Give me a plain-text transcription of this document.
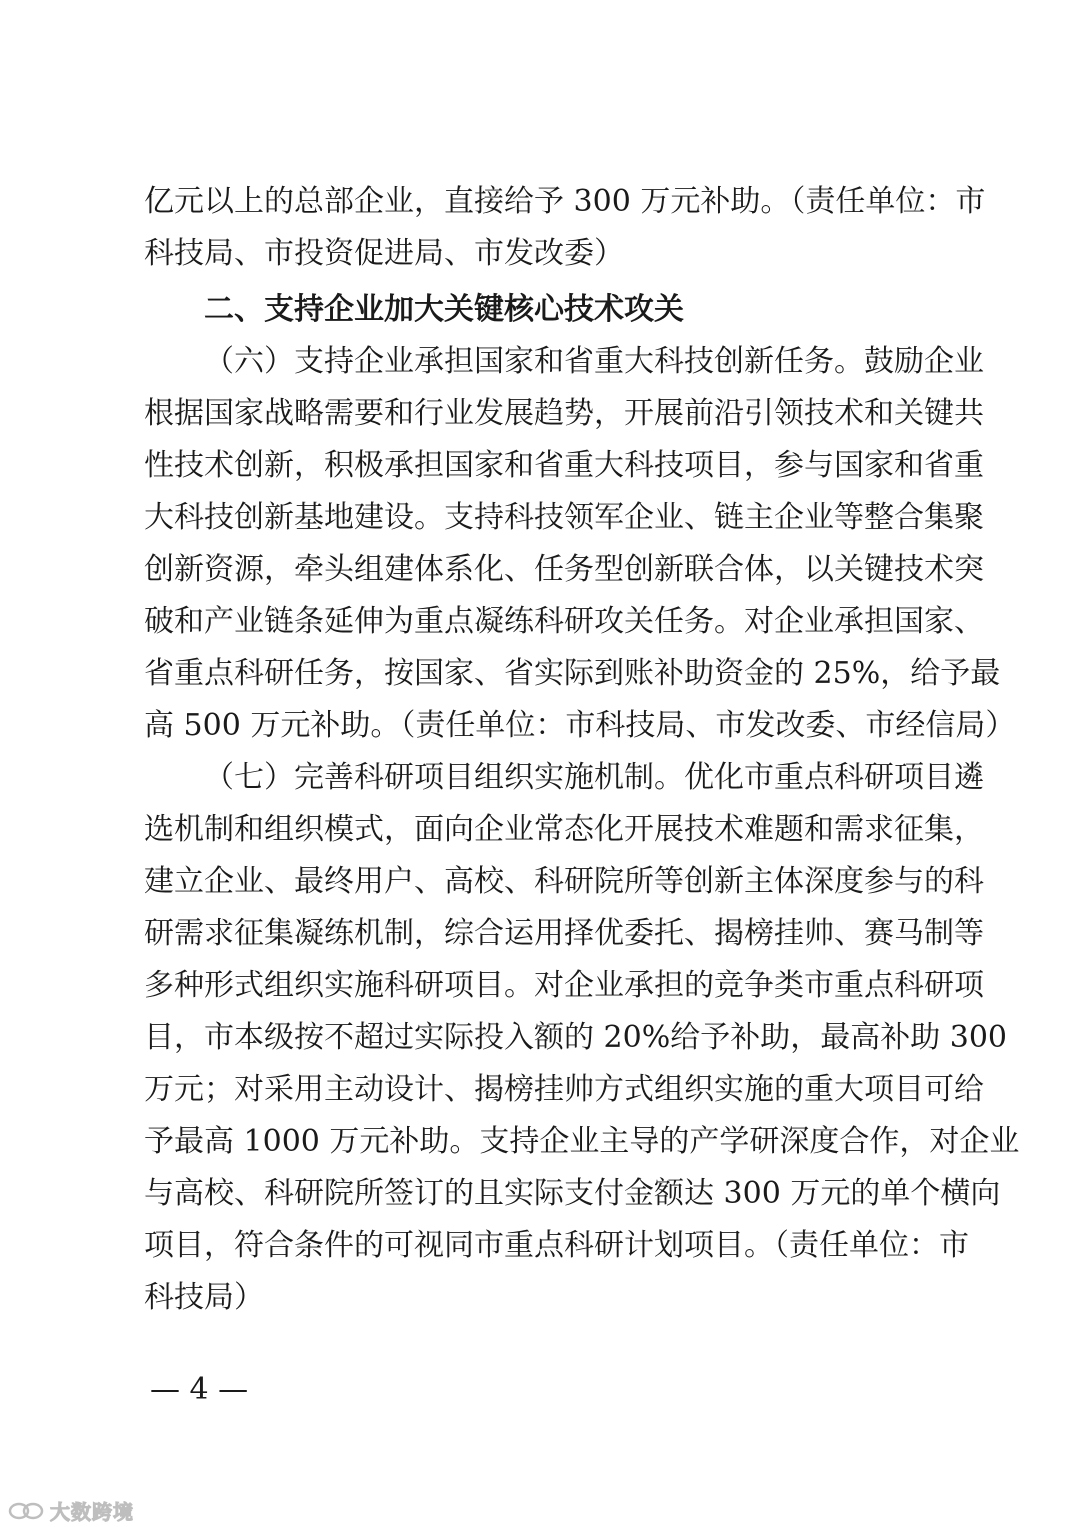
亿元以上的总部企业，直接给予 300 万元补助。（责任单位：市
科技局、市投资促进局、市发改委）
二、支持企业加大关键核心技术攻关
（六）支持企业承担国家和省重大科技创新任务。鼓励企业
根据国家战略需要和行业发展趋势，开展前沿引领技术和关键共
性技术创新，积极承担国家和省重大科技项目，参与国家和省重
大科技创新基地建设。支持科技领军企业、链主企业等整合集聚
创新资源，牵头组建体系化、任务型创新联合体，以关键技术突
破和产业链条延伸为重点凝练科研攻关任务。对企业承担国家、
省重点科研任务，按国家、省实际到账补助资金的 25%，给予最
高 500 万元补助。（责任单位：市科技局、市发改委、市经信局）
（七）完善科研项目组织实施机制。优化市重点科研项目遴
选机制和组织模式，面向企业常态化开展技术难题和需求征集，
建立企业、最终用户、高校、科研院所等创新主体深度参与的科
研需求征集凝练机制，综合运用择优委托、揭榜挂帅、赛马制等
多种形式组织实施科研项目。对企业承担的竞争类市重点科研项
目，市本级按不超过实际投入额的 20%给予补助，最高补助 300
万元；对采用主动设计、揭榜挂帅方式组织实施的重大项目可给
予最高 1000 万元补助。支持企业主导的产学研深度合作，对企业
与高校、科研院所签订的且实际支付金额达 300 万元的单个横向
项目，符合条件的可视同市重点科研计划项目。（责任单位：市
科技局）
— 4 —
大数跨境
